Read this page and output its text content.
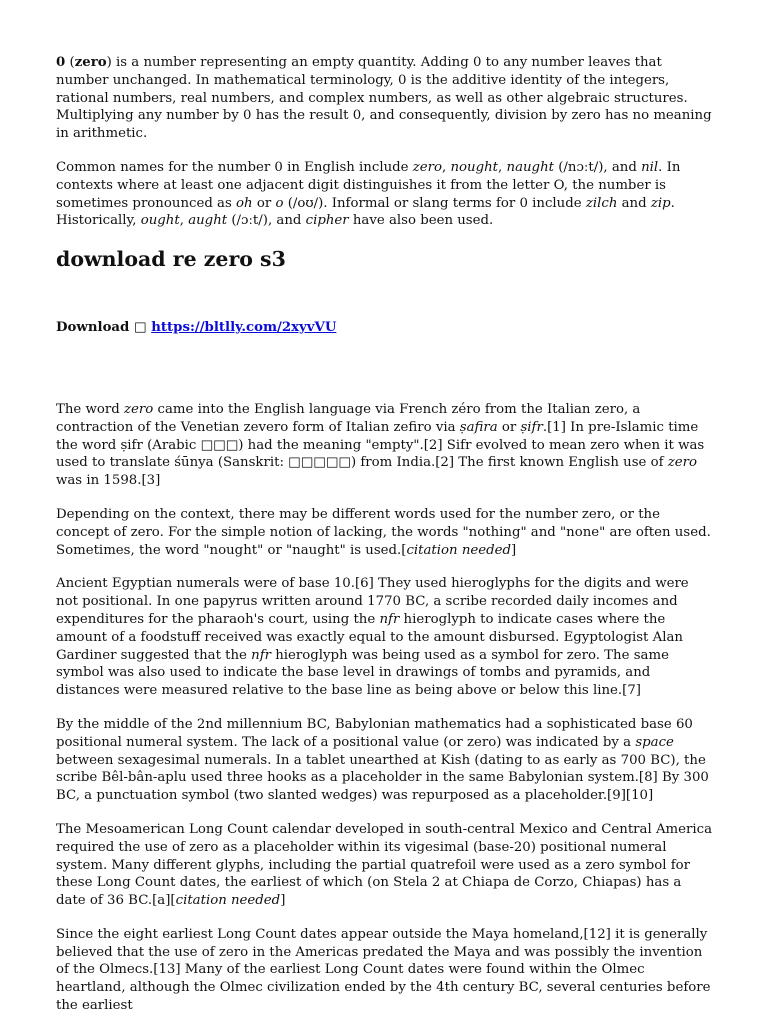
0 (zero) is a number representing an empty quantity. Adding 0 to any number leaves that number unchanged. In mathematical terminology, 0 is the additive identity of the integers, rational numbers, real numbers, and complex numbers, as well as other algebraic structures. Multiplying any number by 0 has the result 0, and consequently, division by zero has no meaning in arithmetic.

Common names for the number 0 in English include zero, nought, naught (/nɔːt/), and nil. In contexts where at least one adjacent digit distinguishes it from the letter O, the number is sometimes pronounced as oh or o (/oʊ/). Informal or slang terms for 0 include zilch and zip. Historically, ought, aught (/ɔːt/), and cipher have also been used.

download re zero s3
Download □ https://bltlly.com/2xyvVU

The word zero came into the English language via French zéro from the Italian zero, a contraction of the Venetian zevero form of Italian zefiro via ṣafira or ṣifr.[1] In pre-Islamic time the word ṣifr (Arabic □□□) had the meaning "empty".[2] Sifr evolved to mean zero when it was used to translate śūnya (Sanskrit: □□□□□) from India.[2] The first known English use of zero was in 1598.[3]

Depending on the context, there may be different words used for the number zero, or the concept of zero. For the simple notion of lacking, the words "nothing" and "none" are often used. Sometimes, the word "nought" or "naught" is used.[citation needed]

Ancient Egyptian numerals were of base 10.[6] They used hieroglyphs for the digits and were not positional. In one papyrus written around 1770 BC, a scribe recorded daily incomes and expenditures for the pharaoh's court, using the nfr hieroglyph to indicate cases where the amount of a foodstuff received was exactly equal to the amount disbursed. Egyptologist Alan Gardiner suggested that the nfr hieroglyph was being used as a symbol for zero. The same symbol was also used to indicate the base level in drawings of tombs and pyramids, and distances were measured relative to the base line as being above or below this line.[7]

By the middle of the 2nd millennium BC, Babylonian mathematics had a sophisticated base 60 positional numeral system. The lack of a positional value (or zero) was indicated by a space between sexagesimal numerals. In a tablet unearthed at Kish (dating to as early as 700 BC), the scribe Bêl-bân-aplu used three hooks as a placeholder in the same Babylonian system.[8] By 300 BC, a punctuation symbol (two slanted wedges) was repurposed as a placeholder.[9][10]

The Mesoamerican Long Count calendar developed in south-central Mexico and Central America required the use of zero as a placeholder within its vigesimal (base-20) positional numeral system. Many different glyphs, including the partial quatrefoil were used as a zero symbol for these Long Count dates, the earliest of which (on Stela 2 at Chiapa de Corzo, Chiapas) has a date of 36 BC.[a][citation needed]

Since the eight earliest Long Count dates appear outside the Maya homeland,[12] it is generally believed that the use of zero in the Americas predated the Maya and was possibly the invention of the Olmecs.[13] Many of the earliest Long Count dates were found within the Olmec heartland, although the Olmec civilization ended by the 4th century BC, several centuries before the earliest
